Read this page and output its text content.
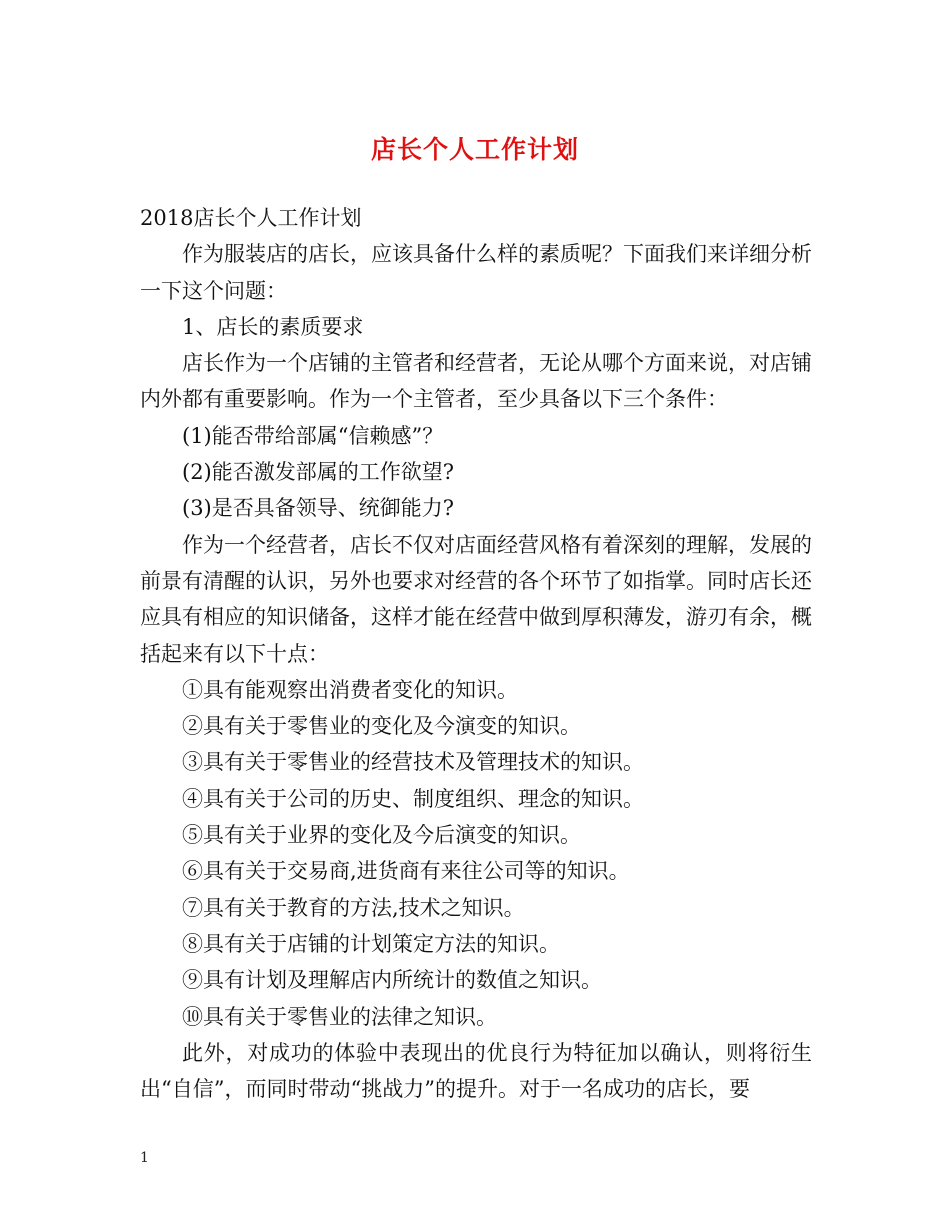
店长个人工作计划

2018店长个人工作计划

作为服装店的店长，应该具备什么样的素质呢？下面我们来详细分析一下这个问题：

1、店长的素质要求

店长作为一个店铺的主管者和经营者，无论从哪个方面来说，对店铺内外都有重要影响。作为一个主管者，至少具备以下三个条件：

(1)能否带给部属“信赖感”？

(2)能否激发部属的工作欲望?

(3)是否具备领导、统御能力?

作为一个经营者，店长不仅对店面经营风格有着深刻的理解，发展的前景有清醒的认识，另外也要求对经营的各个环节了如指掌。同时店长还应具有相应的知识储备，这样才能在经营中做到厚积薄发，游刃有余，概括起来有以下十点：

①具有能观察出消费者变化的知识。

②具有关于零售业的变化及今演变的知识。

③具有关于零售业的经营技术及管理技术的知识。

④具有关于公司的历史、制度组织、理念的知识。

⑤具有关于业界的变化及今后演变的知识。

⑥具有关于交易商,进货商有来往公司等的知识。

⑦具有关于教育的方法,技术之知识。

⑧具有关于店铺的计划策定方法的知识。

⑨具有计划及理解店内所统计的数值之知识。

⑩具有关于零售业的法律之知识。

此外，对成功的体验中表现出的优良行为特征加以确认，则将衍生出“自信”，而同时带动“挑战力”的提升。对于一名成功的店长，要

1
